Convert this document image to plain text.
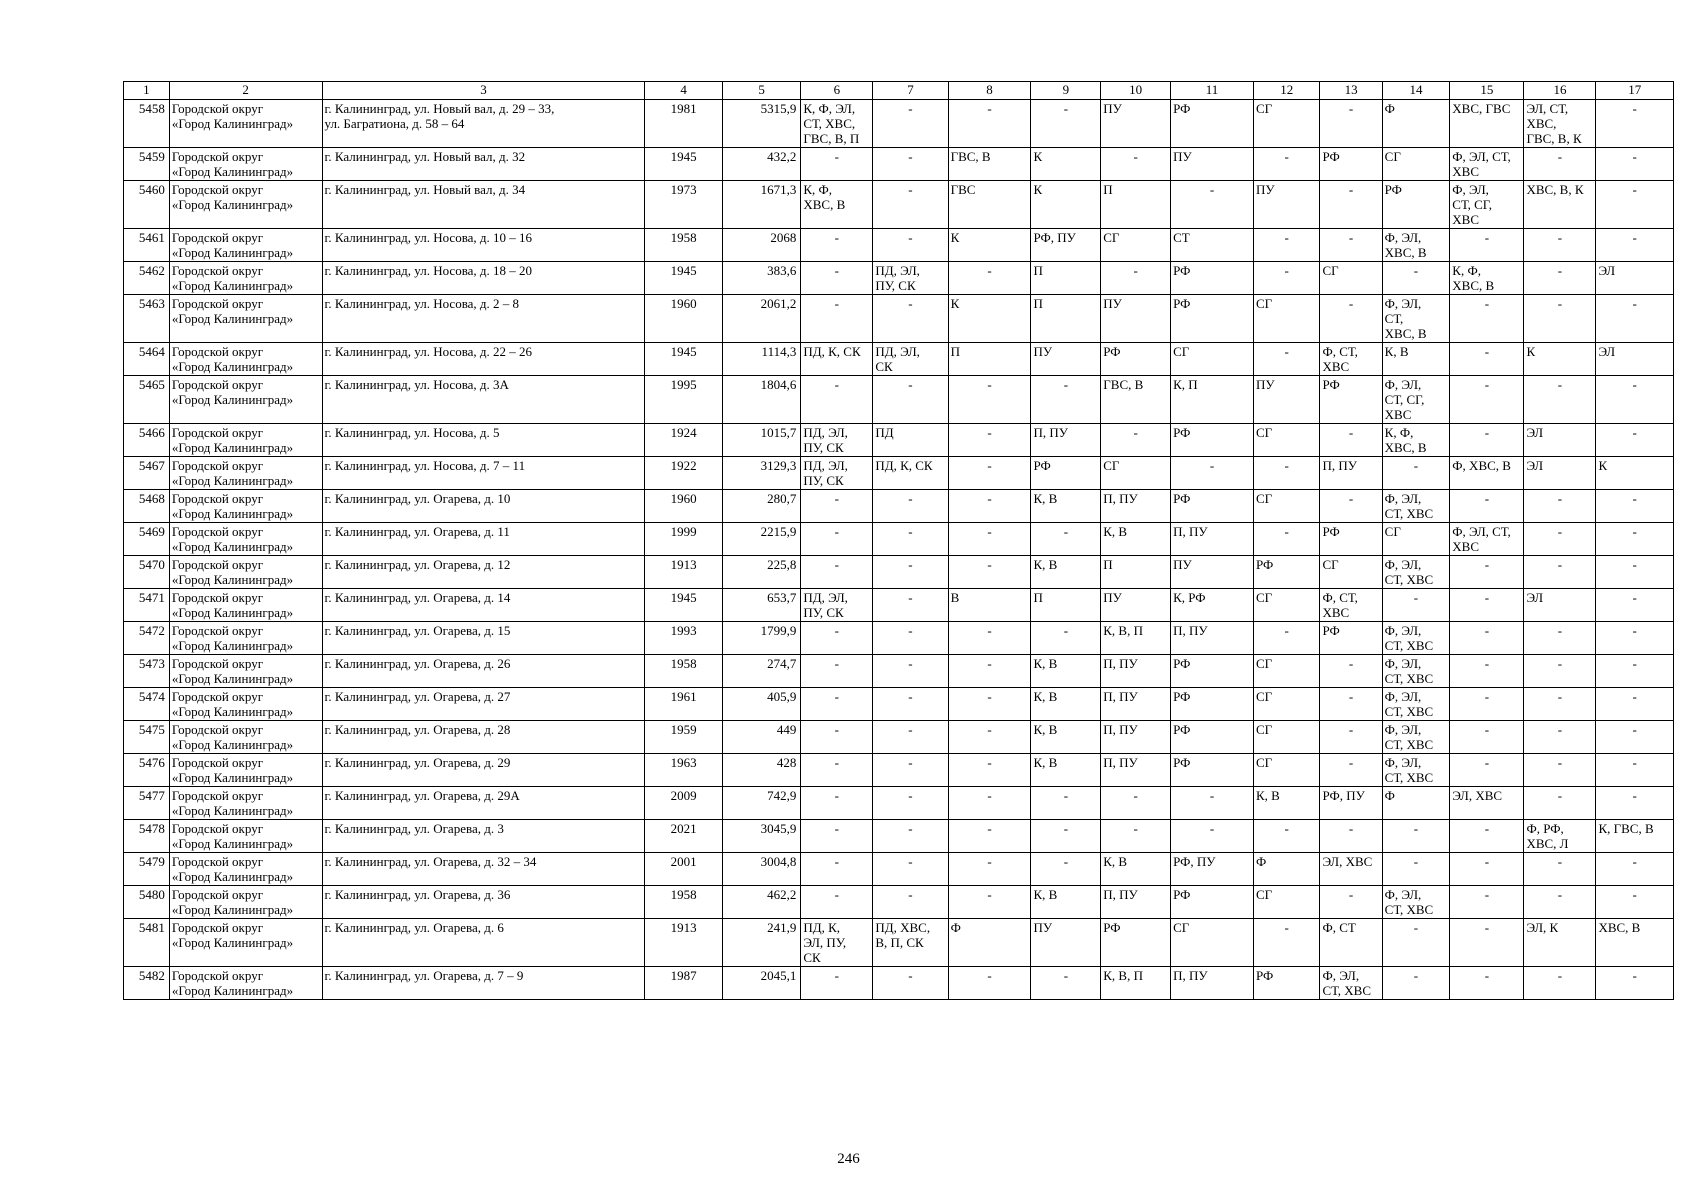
1	2	3	4	5	6	7	8	9	10	11	12	13	14	15	16	17
5458	Городской округ
«Город Калининград»	г. Калининград, ул. Новый вал, д. 29 – 33,
ул. Багратиона, д. 58 – 64	1981	5315,9	К, Ф, ЭЛ,
СТ, ХВС,
ГВС, В, П	-	-	-	ПУ	РФ	СГ	-	Ф	ХВС, ГВС	ЭЛ, СТ,
ХВС,
ГВС, В, К	-
5459	Городской округ
«Город Калининград»	г. Калининград, ул. Новый вал, д. 32	1945	432,2	-	-	ГВС, В	К	-	ПУ	-	РФ	СГ	Ф, ЭЛ, СТ,
ХВС	-	-
5460	Городской округ
«Город Калининград»	г. Калининград, ул. Новый вал, д. 34	1973	1671,3	К, Ф,
ХВС, В	-	ГВС	К	П	-	ПУ	-	РФ	Ф, ЭЛ,
СТ, СГ,
ХВС	ХВС, В, К	-
5461	Городской округ
«Город Калининград»	г. Калининград, ул. Носова, д. 10 – 16	1958	2068	-	-	К	РФ, ПУ	СГ	СТ	-	-	Ф, ЭЛ,
ХВС, В	-	-	-
5462	Городской округ
«Город Калининград»	г. Калининград, ул. Носова, д. 18 – 20	1945	383,6	-	ПД, ЭЛ,
ПУ, СК	-	П	-	РФ	-	СГ	-	К, Ф,
ХВС, В	-	ЭЛ
5463	Городской округ
«Город Калининград»	г. Калининград, ул. Носова, д. 2 – 8	1960	2061,2	-	-	К	П	ПУ	РФ	СГ	-	Ф, ЭЛ,
СТ,
ХВС, В	-	-	-
5464	Городской округ
«Город Калининград»	г. Калининград, ул. Носова, д. 22 – 26	1945	1114,3	ПД, К, СК	ПД, ЭЛ,
СК	П	ПУ	РФ	СГ	-	Ф, СТ,
ХВС	К, В	-	К	ЭЛ
5465	Городской округ
«Город Калининград»	г. Калининград, ул. Носова, д. 3А	1995	1804,6	-	-	-	-	ГВС, В	К, П	ПУ	РФ	Ф, ЭЛ,
СТ, СГ,
ХВС	-	-	-
5466	Городской округ
«Город Калининград»	г. Калининград, ул. Носова, д. 5	1924	1015,7	ПД, ЭЛ,
ПУ, СК	ПД	-	П, ПУ	-	РФ	СГ	-	К, Ф,
ХВС, В	-	ЭЛ	-
5467	Городской округ
«Город Калининград»	г. Калининград, ул. Носова, д. 7 – 11	1922	3129,3	ПД, ЭЛ,
ПУ, СК	ПД, К, СК	-	РФ	СГ	-	-	П, ПУ	-	Ф, ХВС, В	ЭЛ	К
5468	Городской округ
«Город Калининград»	г. Калининград, ул. Огарева, д. 10	1960	280,7	-	-	-	К, В	П, ПУ	РФ	СГ	-	Ф, ЭЛ,
СТ, ХВС	-	-	-
5469	Городской округ
«Город Калининград»	г. Калининград, ул. Огарева, д. 11	1999	2215,9	-	-	-	-	К, В	П, ПУ	-	РФ	СГ	Ф, ЭЛ, СТ,
ХВС	-	-
5470	Городской округ
«Город Калининград»	г. Калининград, ул. Огарева, д. 12	1913	225,8	-	-	-	К, В	П	ПУ	РФ	СГ	Ф, ЭЛ,
СТ, ХВС	-	-	-
5471	Городской округ
«Город Калининград»	г. Калининград, ул. Огарева, д. 14	1945	653,7	ПД, ЭЛ,
ПУ, СК	-	В	П	ПУ	К, РФ	СГ	Ф, СТ,
ХВС	-	-	ЭЛ	-
5472	Городской округ
«Город Калининград»	г. Калининград, ул. Огарева, д. 15	1993	1799,9	-	-	-	-	К, В, П	П, ПУ	-	РФ	Ф, ЭЛ,
СТ, ХВС	-	-	-
5473	Городской округ
«Город Калининград»	г. Калининград, ул. Огарева, д. 26	1958	274,7	-	-	-	К, В	П, ПУ	РФ	СГ	-	Ф, ЭЛ,
СТ, ХВС	-	-	-
5474	Городской округ
«Город Калининград»	г. Калининград, ул. Огарева, д. 27	1961	405,9	-	-	-	К, В	П, ПУ	РФ	СГ	-	Ф, ЭЛ,
СТ, ХВС	-	-	-
5475	Городской округ
«Город Калининград»	г. Калининград, ул. Огарева, д. 28	1959	449	-	-	-	К, В	П, ПУ	РФ	СГ	-	Ф, ЭЛ,
СТ, ХВС	-	-	-
5476	Городской округ
«Город Калининград»	г. Калининград, ул. Огарева, д. 29	1963	428	-	-	-	К, В	П, ПУ	РФ	СГ	-	Ф, ЭЛ,
СТ, ХВС	-	-	-
5477	Городской округ
«Город Калининград»	г. Калининград, ул. Огарева, д. 29А	2009	742,9	-	-	-	-	-	-	К, В	РФ, ПУ	Ф	ЭЛ, ХВС	-	-
5478	Городской округ
«Город Калининград»	г. Калининград, ул. Огарева, д. 3	2021	3045,9	-	-	-	-	-	-	-	-	-	-	Ф, РФ,
ХВС, Л	К, ГВС, В
5479	Городской округ
«Город Калининград»	г. Калининград, ул. Огарева, д. 32 – 34	2001	3004,8	-	-	-	-	К, В	РФ, ПУ	Ф	ЭЛ, ХВС	-	-	-	-
5480	Городской округ
«Город Калининград»	г. Калининград, ул. Огарева, д. 36	1958	462,2	-	-	-	К, В	П, ПУ	РФ	СГ	-	Ф, ЭЛ,
СТ, ХВС	-	-	-
5481	Городской округ
«Город Калининград»	г. Калининград, ул. Огарева, д. 6	1913	241,9	ПД, К,
ЭЛ, ПУ,
СК	ПД, ХВС,
В, П, СК	Ф	ПУ	РФ	СГ	-	Ф, СТ	-	-	ЭЛ, К	ХВС, В
5482	Городской округ
«Город Калининград»	г. Калининград, ул. Огарева, д. 7 – 9	1987	2045,1	-	-	-	-	К, В, П	П, ПУ	РФ	Ф, ЭЛ,
СТ, ХВС	-	-	-	-
246
